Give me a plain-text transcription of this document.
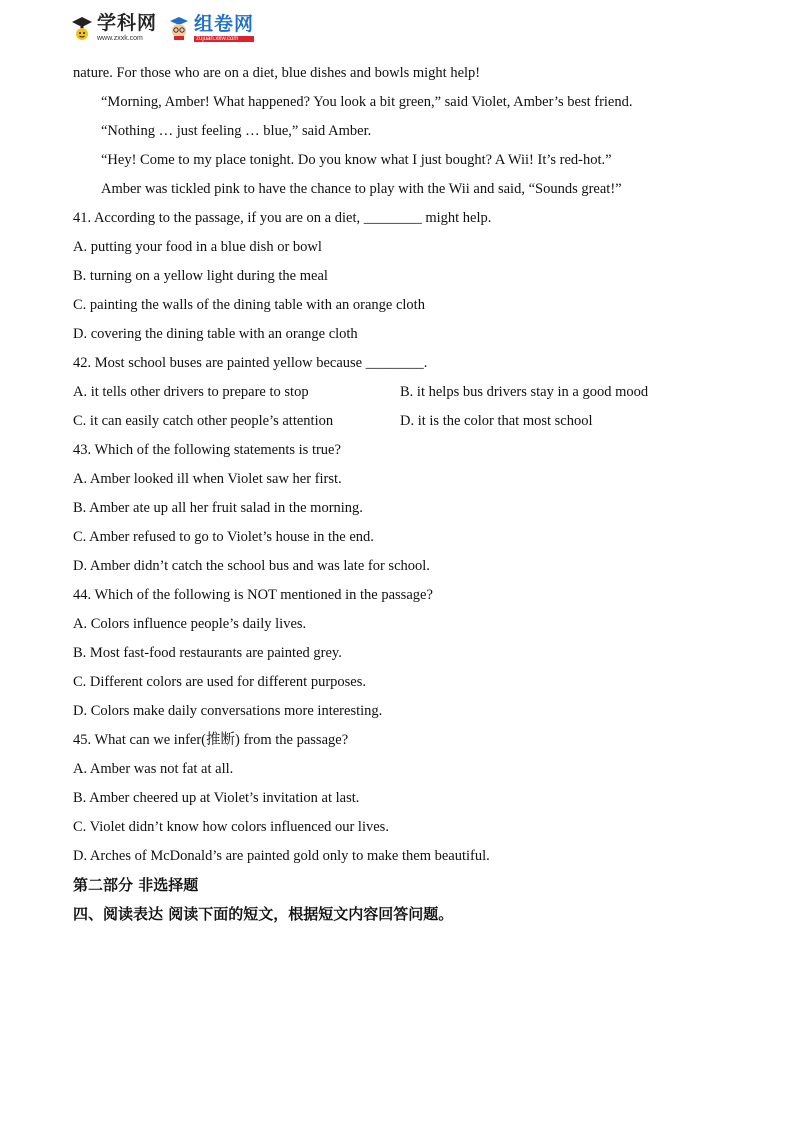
学科网
www.zxxk.com
组卷网
zujuan.xkw.com
nature. For those who are on a diet, blue dishes and bowls might help!
“Morning, Amber! What happened? You look a bit green,” said Violet, Amber’s best friend.
“Nothing … just feeling … blue,” said Amber.
“Hey! Come to my place tonight. Do you know what I just bought? A Wii! It’s red-hot.”
Amber was tickled pink to have the chance to play with the Wii and said, “Sounds great!”
41. According to the passage, if you are on a diet, ________ might help.
A. putting your food in a blue dish or bowl
B. turning on a yellow light during the meal
C. painting the walls of the dining table with an orange cloth
D. covering the dining table with an orange cloth
42. Most school buses are painted yellow because ________.
A. it tells other drivers to prepare to stop	B. it helps bus drivers stay in a good mood
C. it can easily catch other people’s attention	D. it is the color that most school
43. Which of the following statements is true?
A. Amber looked ill when Violet saw her first.
B. Amber ate up all her fruit salad in the morning.
C. Amber refused to go to Violet’s house in the end.
D. Amber didn’t catch the school bus and was late for school.
44. Which of the following is NOT mentioned in the passage?
A. Colors influence people’s daily lives.
B. Most fast-food restaurants are painted grey.
C. Different colors are used for different purposes.
D. Colors make daily conversations more interesting.
45. What can we infer(推断) from the passage?
A. Amber was not fat at all.
B. Amber cheered up at Violet’s invitation at last.
C. Violet didn’t know how colors influenced our lives.
D. Arches of McDonald’s are painted gold only to make them beautiful.
第二部分 非选择题
四、阅读表达 阅读下面的短文，根据短文内容回答问题。
